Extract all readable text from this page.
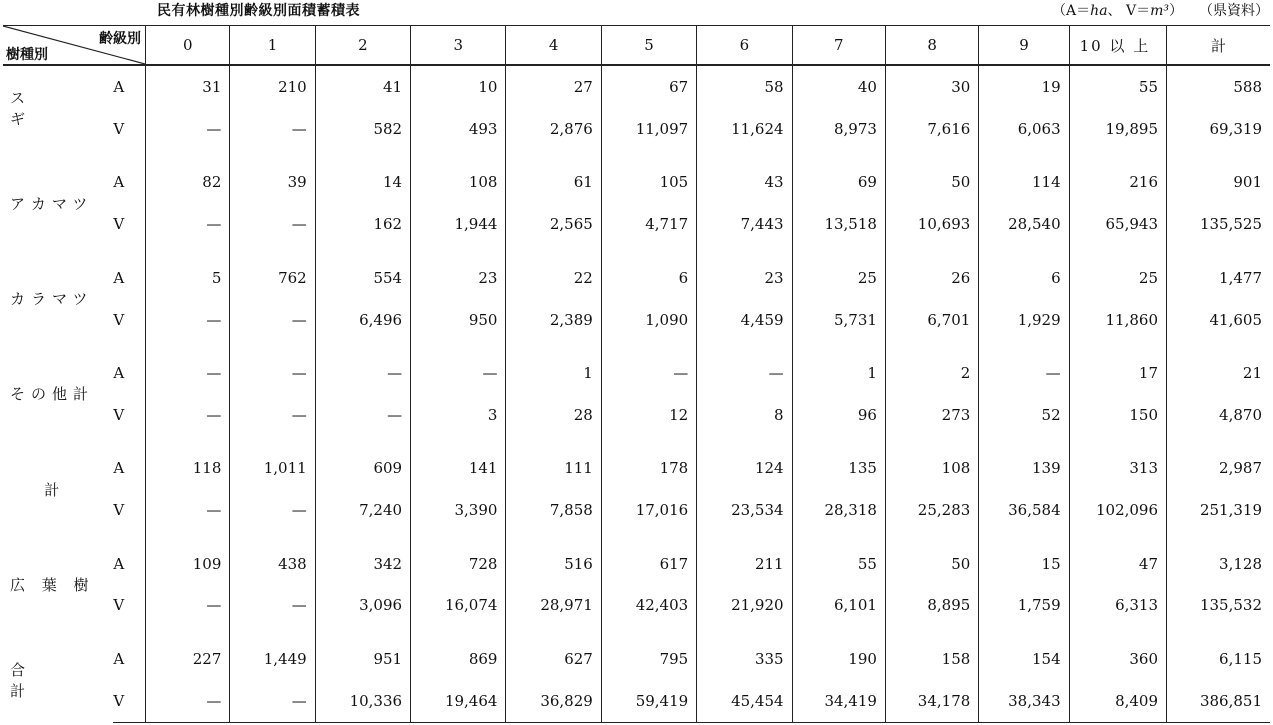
民有林樹種別齢級別面積蓄積表	（A＝ha、 V＝m³） （県資料）
齢級別
樹種別		0	1	2	3	4	5	6	7	8	9	10 以 上	計
ス　　　ギ	A	31	210	41	10	27	67	58	40	30	19	55	588
	V	—	—	582	493	2,876	11,097	11,624	8,973	7,616	6,063	19,895	69,319

アカマツ	A	82	39	14	108	61	105	43	69	50	114	216	901
	V	—	—	162	1,944	2,565	4,717	7,443	13,518	10,693	28,540	65,943	135,525

カラマツ	A	5	762	554	23	22	6	23	25	26	6	25	1,477
	V	—	—	6,496	950	2,389	1,090	4,459	5,731	6,701	1,929	11,860	41,605

その他計	A	—	—	—	—	1	—	—	1	2	—	17	21
	V	—	—	—	3	28	12	8	96	273	52	150	4,870

計	A	118	1,011	609	141	111	178	124	135	108	139	313	2,987
	V	—	—	7,240	3,390	7,858	17,016	23,534	28,318	25,283	36,584	102,096	251,319

広 葉 樹	A	109	438	342	728	516	617	211	55	50	15	47	3,128
	V	—	—	3,096	16,074	28,971	42,403	21,920	6,101	8,895	1,759	6,313	135,532

合　　　計	A	227	1,449	951	869	627	795	335	190	158	154	360	6,115
	V	—	—	10,336	19,464	36,829	59,419	45,454	34,419	34,178	38,343	8,409	386,851
